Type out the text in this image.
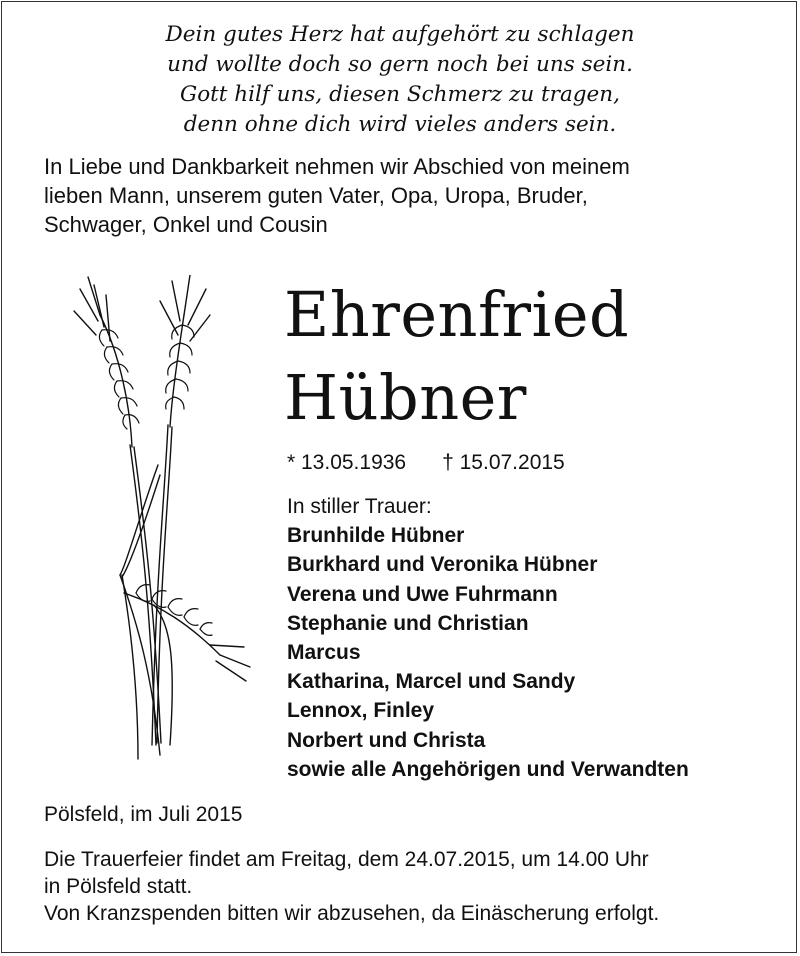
Dein gutes Herz hat aufgehört zu schlagen
und wollte doch so gern noch bei uns sein.
Gott hilf uns, diesen Schmerz zu tragen,
denn ohne dich wird vieles anders sein.
In Liebe und Dankbarkeit nehmen wir Abschied von meinem
lieben Mann, unserem guten Vater, Opa, Uropa, Bruder,
Schwager, Onkel und Cousin
Ehrenfried
Hübner
* 13.05.1936 † 15.07.2015
In stiller Trauer:
Brunhilde Hübner
Burkhard und Veronika Hübner
Verena und Uwe Fuhrmann
Stephanie und Christian
Marcus
Katharina, Marcel und Sandy
Lennox, Finley
Norbert und Christa
sowie alle Angehörigen und Verwandten
Pölsfeld, im Juli 2015
Die Trauerfeier findet am Freitag, dem 24.07.2015, um 14.00 Uhr
in Pölsfeld statt.
Von Kranzspenden bitten wir abzusehen, da Einäscherung erfolgt.
